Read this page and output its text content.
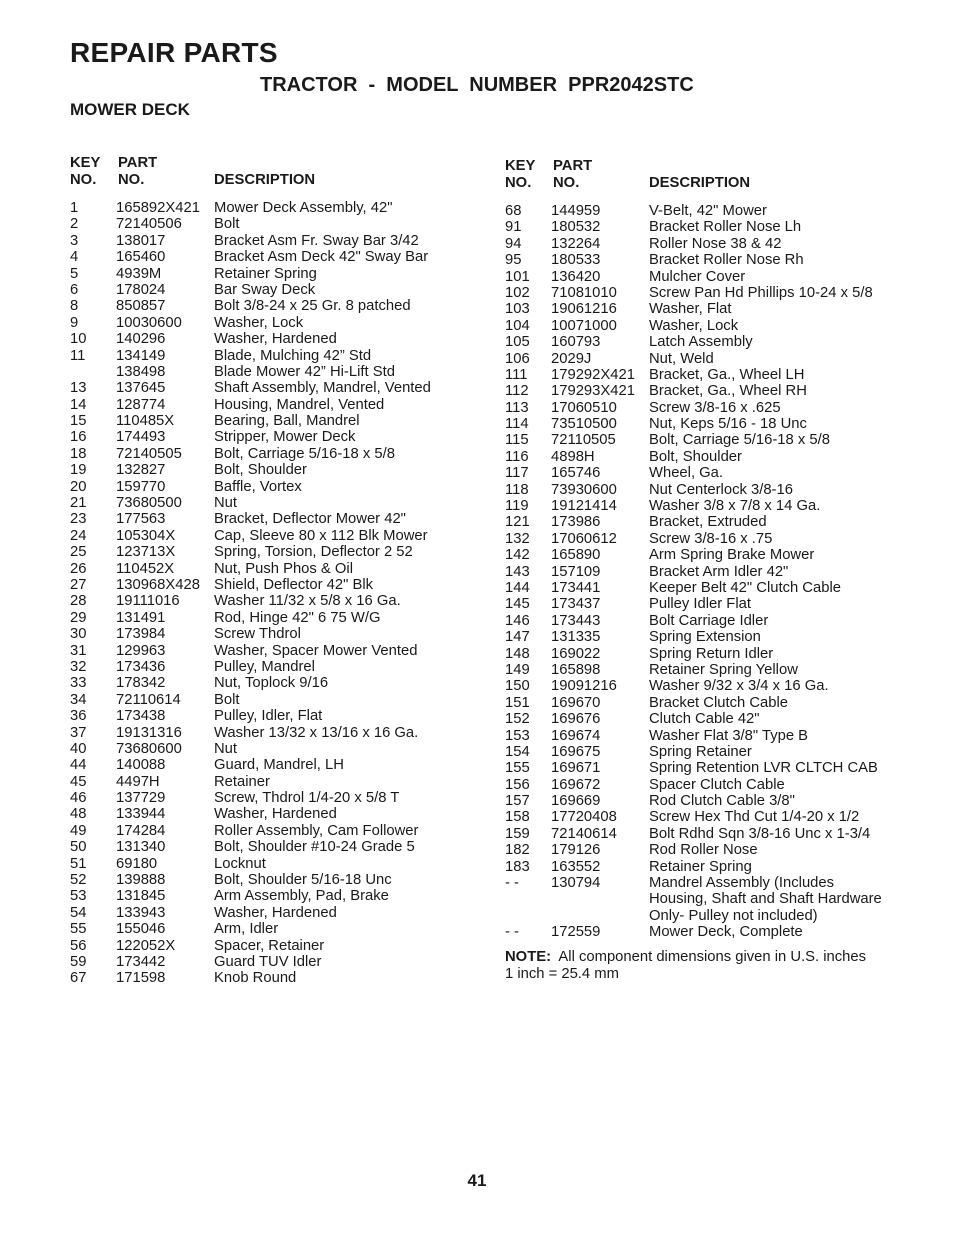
REPAIR PARTS
TRACTOR  -  MODEL  NUMBER  PPR2042STC
MOWER DECK
KEY
NO.
PART
NO.	DESCRIPTION
1	165892X421 Mower Deck Assembly, 42"
2	72140506 Bolt
3	138017	Bracket Asm Fr. Sway Bar 3/42
4	165460	Bracket Asm Deck 42" Sway Bar
5	4939M	Retainer Spring
6	178024	Bar Sway Deck
8	850857	Bolt 3/8-24 x 25 Gr. 8 patched
9	10030600 Washer, Lock
10 140296	Washer, Hardened
11 134149	Blade, Mulching 42” Std
138498	Blade Mower 42” Hi-Lift Std
13 137645	Shaft Assembly, Mandrel, Vented
14 128774	Housing, Mandrel, Vented
15 110485X	Bearing, Ball, Mandrel
16 174493	Stripper, Mower Deck
18 72140505 Bolt, Carriage 5/16-18 x 5/8
19 132827	Bolt, Shoulder
20 159770	Baffle, Vortex
21 73680500 Nut
23 177563	Bracket, Deflector Mower 42"
24 105304X	Cap, Sleeve 80 x 112 Blk Mower
25 123713X	Spring, Torsion, Deflector 2 52
26 110452X	Nut, Push Phos & Oil
27 130968X428 Shield, Deflector 42" Blk
28 19111016 Washer 11/32 x 5/8 x 16 Ga.
29 131491	Rod, Hinge 42" 6 75 W/G
30 173984	Screw Thdrol
31 129963	Washer, Spacer Mower Vented
32 173436	Pulley, Mandrel
33 178342	Nut, Toplock 9/16
34 72110614 Bolt
36 173438	Pulley, Idler, Flat
37 19131316 Washer 13/32 x 13/16 x 16 Ga.
40 73680600 Nut
44 140088	Guard, Mandrel, LH
45 4497H	Retainer
46 137729	Screw, Thdrol 1/4-20 x 5/8 T
48 133944	Washer, Hardened
49 174284	Roller Assembly, Cam Follower
50 131340	Bolt, Shoulder #10-24 Grade 5
51 69180	Locknut
52 139888	Bolt, Shoulder 5/16-18 Unc
53 131845	Arm Assembly, Pad, Brake
54 133943	Washer, Hardened
55 155046	Arm, Idler
56 122052X	Spacer, Retainer
59 173442	Guard TUV Idler
67 171598	Knob Round
KEY
NO.
PART
NO.	DESCRIPTION
68 144959	V-Belt, 42" Mower
91 180532	Bracket Roller Nose Lh
94 132264	Roller Nose 38 & 42
95 180533	Bracket Roller Nose Rh
101 136420	Mulcher Cover
102 71081010 Screw Pan Hd Phillips 10-24 x 5/8
103 19061216 Washer, Flat
104 10071000 Washer, Lock
105 160793	Latch Assembly
106 2029J	Nut, Weld
111 179292X421 Bracket, Ga., Wheel LH
112 179293X421 Bracket, Ga., Wheel RH
113 17060510 Screw 3/8-16 x .625
114 73510500 Nut, Keps 5/16 - 18 Unc
115 72110505 Bolt, Carriage 5/16-18 x 5/8
116 4898H	Bolt, Shoulder
117 165746	Wheel, Ga.
118 73930600 Nut Centerlock 3/8-16
119 19121414 Washer 3/8 x 7/8 x 14 Ga.
121 173986	Bracket, Extruded
132 17060612 Screw 3/8-16 x .75
142 165890	Arm Spring Brake Mower
143 157109	Bracket Arm Idler 42"
144 173441	Keeper Belt 42" Clutch Cable
145 173437	Pulley Idler Flat
146 173443	Bolt Carriage Idler
147 131335	Spring Extension
148 169022	Spring Return Idler
149 165898	Retainer Spring Yellow
150 19091216 Washer 9/32 x 3/4 x 16 Ga.
151 169670	Bracket Clutch Cable
152 169676	Clutch Cable 42"
153 169674	Washer Flat 3/8" Type B
154 169675	Spring Retainer
155 169671	Spring Retention LVR CLTCH CAB
156 169672	Spacer Clutch Cable
157 169669	Rod Clutch Cable 3/8"
158 17720408 Screw Hex Thd Cut 1/4-20 x 1/2
159 72140614 Bolt Rdhd Sqn 3/8-16 Unc x 1-3/4
182 179126	Rod Roller Nose
183 163552	Retainer Spring
- - 130794	Mandrel Assembly (Includes
Housing, Shaft and Shaft Hardware
Only- Pulley not included)
- - 172559	Mower Deck, Complete
NOTE:  All component dimensions given in U.S. inches
1 inch = 25.4 mm
41
